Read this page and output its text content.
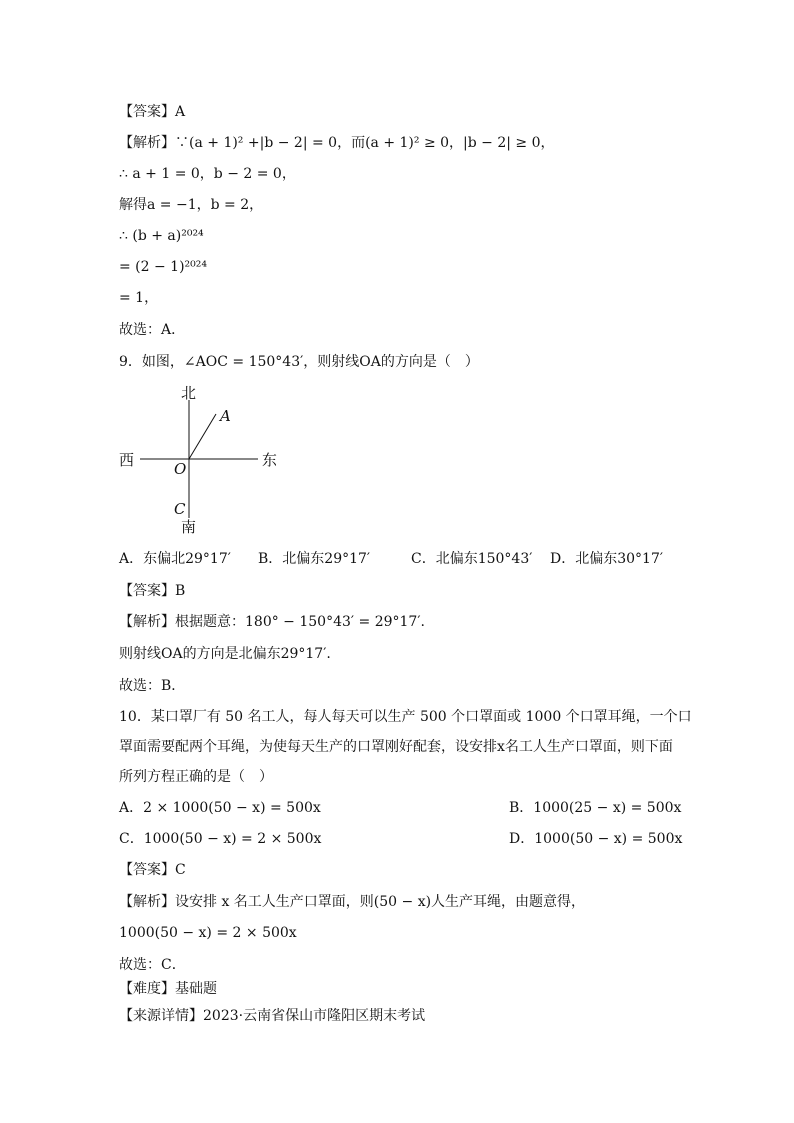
【答案】A
【解析】∵(a + 1)² +|b − 2| = 0，而(a + 1)² ≥ 0，|b − 2| ≥ 0，
∴ a + 1 = 0，b − 2 = 0，
解得a = −1，b = 2，
∴ (b + a)²⁰²⁴
= (2 − 1)²⁰²⁴
= 1，
故选：A．
9．如图，∠AOC = 150°43′，则射线OA的方向是（　）
北
南
西	东
A
O
C
A．东偏北29°17′ B．北偏东29°17′	C．北偏东150°43′ D．北偏东30°17′
【答案】B
【解析】根据题意：180° − 150°43′ = 29°17′.
则射线OA的方向是北偏东29°17′.
故选：B．
10．某口罩厂有 50 名工人，每人每天可以生产 500 个口罩面或 1000 个口罩耳绳，一个口
罩面需要配两个耳绳，为使每天生产的口罩刚好配套，设安排x名工人生产口罩面，则下面
所列方程正确的是（　）
A．2 × 1000(50 − x) = 500x	B．1000(25 − x) = 500x
C．1000(50 − x) = 2 × 500x	D．1000(50 − x) = 500x
【答案】C
【解析】设安排 x 名工人生产口罩面，则(50 − x)人生产耳绳，由题意得，
1000(50 − x) = 2 × 500x
故选：C．
【难度】基础题
【来源详情】2023·云南省保山市隆阳区期末考试
